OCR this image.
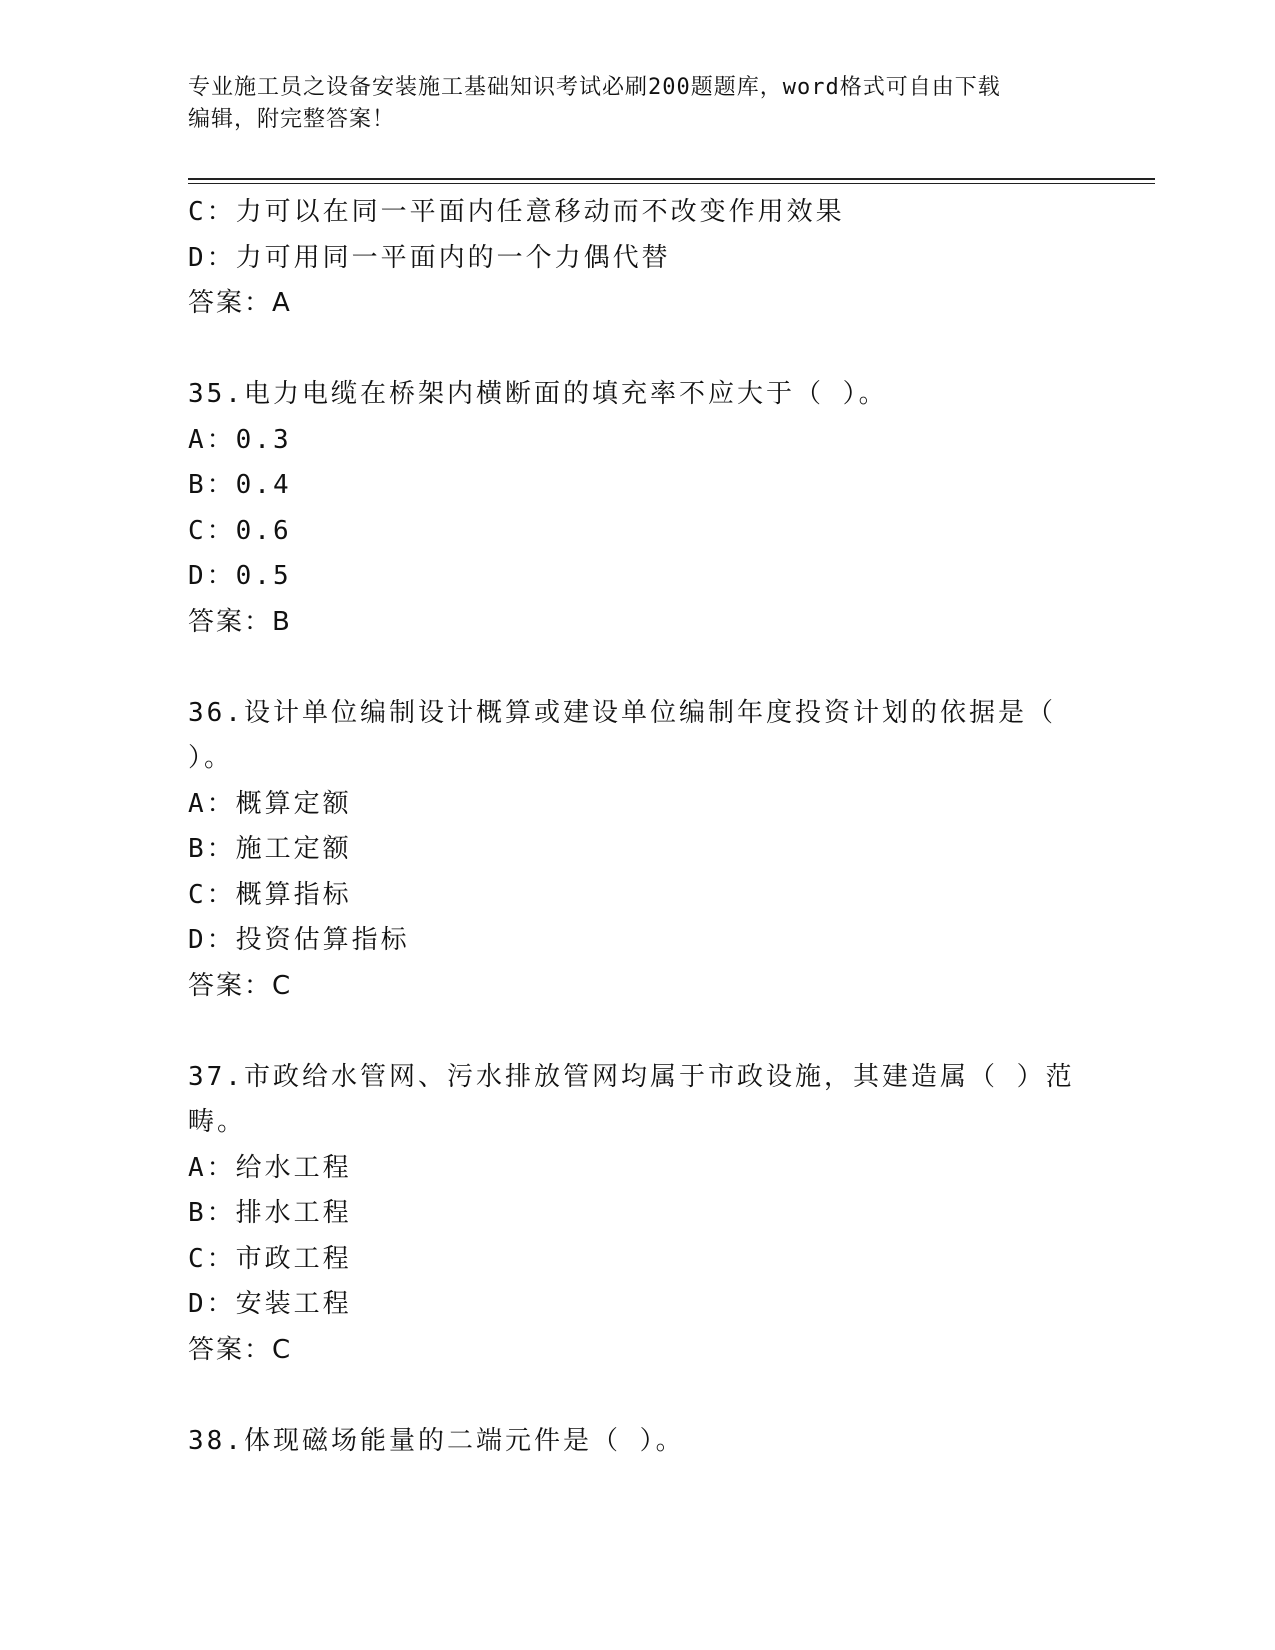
专业施工员之设备安装施工基础知识考试必刷200题题库，word格式可自由下载
编辑，附完整答案！
C：力可以在同一平面内任意移动而不改变作用效果
D：力可用同一平面内的一个力偶代替
答案：A
35.电力电缆在桥架内横断面的填充率不应大于（ ）。
A：0.3
B：0.4
C：0.6
D：0.5
答案：B
36.设计单位编制设计概算或建设单位编制年度投资计划的依据是（
）。
A：概算定额
B：施工定额
C：概算指标
D：投资估算指标
答案：C
37.市政给水管网、污水排放管网均属于市政设施，其建造属（ ）范
畴。
A：给水工程
B：排水工程
C：市政工程
D：安装工程
答案：C
38.体现磁场能量的二端元件是（ ）。
